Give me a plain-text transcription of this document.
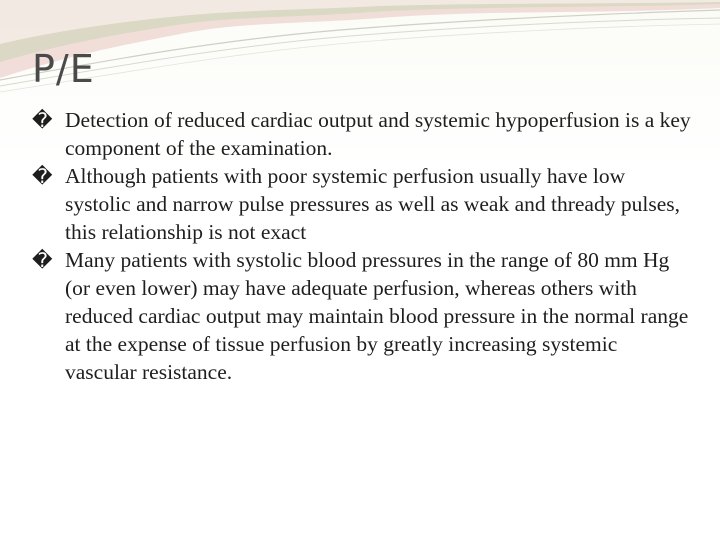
P/E

� Detection of reduced cardiac output and systemic hypoperfusion is a key component of the examination.

� Although patients with poor systemic perfusion usually have low systolic and narrow pulse pressures as well as weak and thready pulses, this relationship is not exact

� Many patients with systolic blood pressures in the range of 80 mm Hg (or even lower) may have adequate perfusion, whereas others with reduced cardiac output may maintain blood pressure in the normal range at the expense of tissue perfusion by greatly increasing systemic vascular resistance.
